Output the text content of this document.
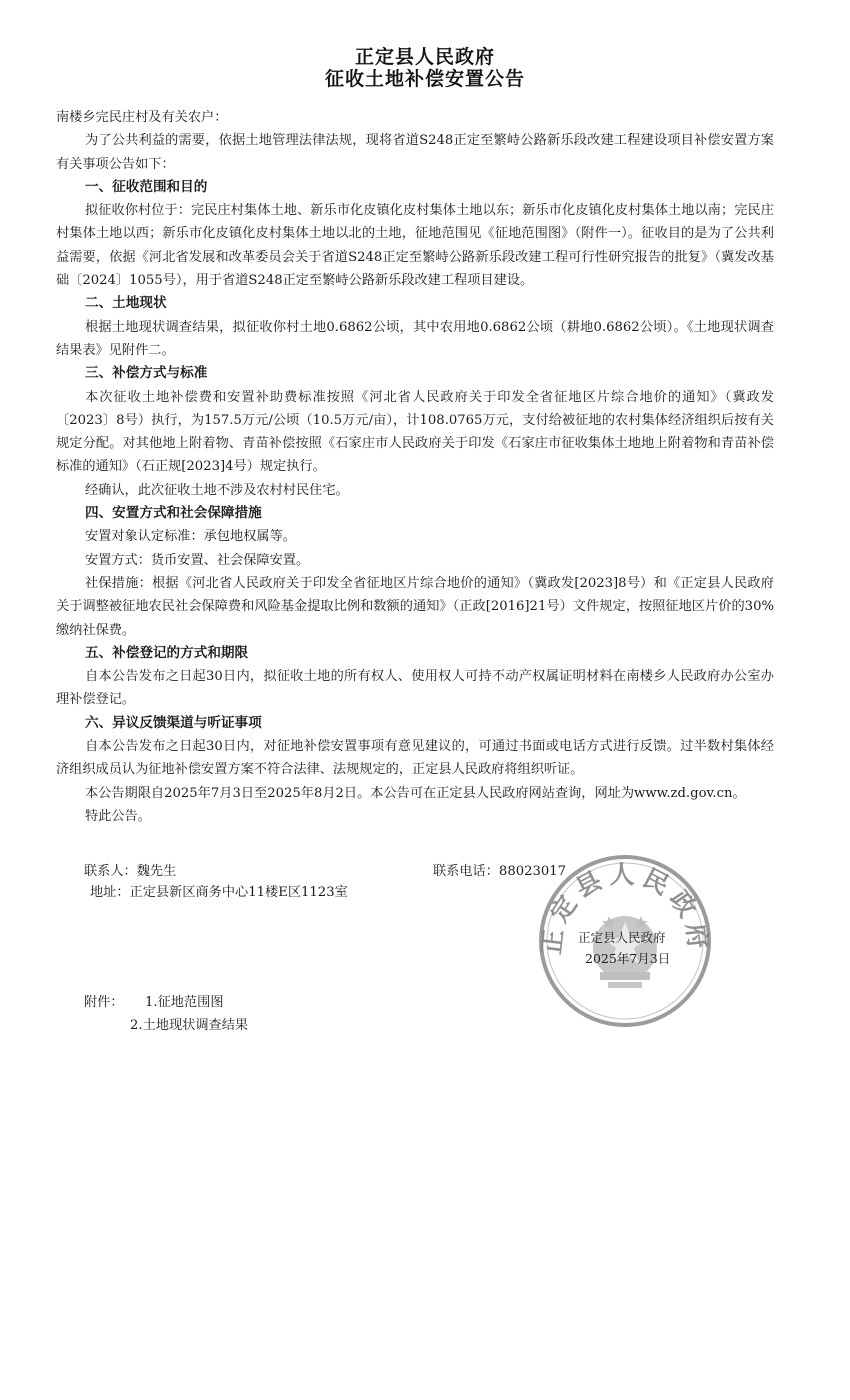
正定县人民政府
征收土地补偿安置公告

南楼乡完民庄村及有关农户：

为了公共利益的需要，依据土地管理法律法规，现将省道S248正定至繁峙公路新乐段改建工程建设项目补偿安置方案有关事项公告如下：

一、征收范围和目的

拟征收你村位于：完民庄村集体土地、新乐市化皮镇化皮村集体土地以东；新乐市化皮镇化皮村集体土地以南；完民庄村集体土地以西；新乐市化皮镇化皮村集体土地以北的土地，征地范围见《征地范围图》（附件一）。征收目的是为了公共利益需要，依据《河北省发展和改革委员会关于省道S248正定至繁峙公路新乐段改建工程可行性研究报告的批复》（冀发改基础〔2024〕1055号），用于省道S248正定至繁峙公路新乐段改建工程项目建设。

二、土地现状

根据土地现状调查结果，拟征收你村土地0.6862公顷，其中农用地0.6862公顷（耕地0.6862公顷）。《土地现状调查结果表》见附件二。

三、补偿方式与标准

本次征收土地补偿费和安置补助费标准按照《河北省人民政府关于印发全省征地区片综合地价的通知》（冀政发〔2023〕8号）执行，为157.5万元/公顷（10.5万元/亩），计108.0765万元，支付给被征地的农村集体经济组织后按有关规定分配。对其他地上附着物、青苗补偿按照《石家庄市人民政府关于印发《石家庄市征收集体土地地上附着物和青苗补偿标准的通知》（石正规[2023]4号）规定执行。

经确认，此次征收土地不涉及农村村民住宅。

四、安置方式和社会保障措施

安置对象认定标准：承包地权属等。

安置方式：货币安置、社会保障安置。

社保措施：根据《河北省人民政府关于印发全省征地区片综合地价的通知》（冀政发[2023]8号）和《正定县人民政府关于调整被征地农民社会保障费和风险基金提取比例和数额的通知》（正政[2016]21号）文件规定，按照征地区片价的30%缴纳社保费。

五、补偿登记的方式和期限

自本公告发布之日起30日内，拟征收土地的所有权人、使用权人可持不动产权属证明材料在南楼乡人民政府办公室办理补偿登记。

六、异议反馈渠道与听证事项

自本公告发布之日起30日内，对征地补偿安置事项有意见建议的，可通过书面或电话方式进行反馈。过半数村集体经济组织成员认为征地补偿安置方案不符合法律、法规规定的，正定县人民政府将组织听证。

本公告期限自2025年7月3日至2025年8月2日。本公告可在正定县人民政府网站查询，网址为www.zd.gov.cn。

特此公告。

联系人：魏先生	联系电话：88023017
地址：正定县新区商务中心11楼E区1123室
正定县人民政府
正定县人民政府
2025年7月3日
附件： 1.征地范围图
2.土地现状调查结果
